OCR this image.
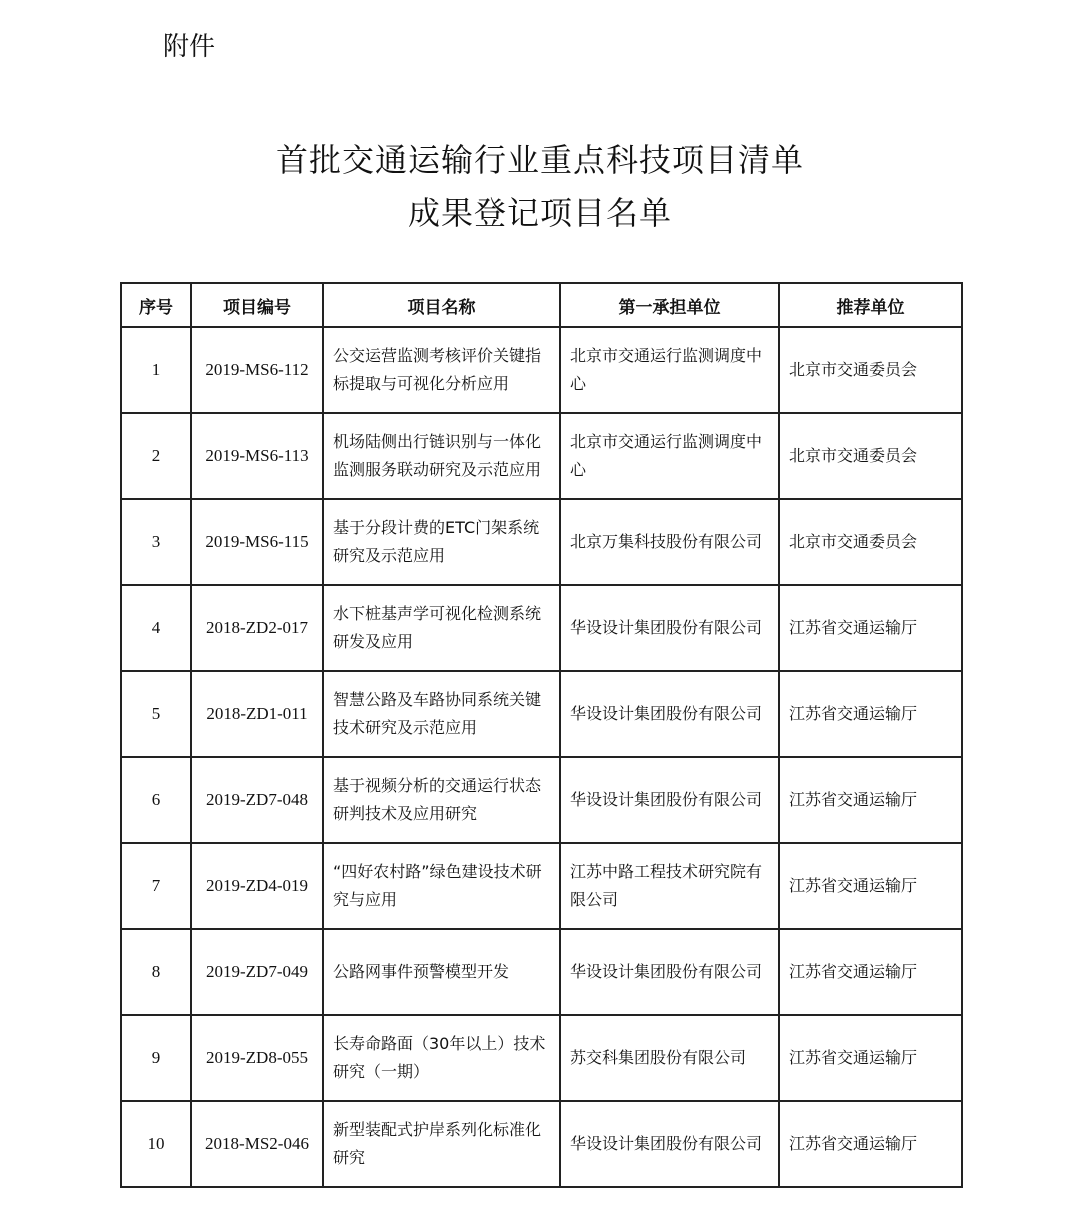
附件
首批交通运输行业重点科技项目清单
成果登记项目名单
序号	项目编号	项目名称	第一承担单位	推荐单位
1	2019-MS6-112	公交运营监测考核评价关键指标提取与可视化分析应用	北京市交通运行监测调度中心	北京市交通委员会
2	2019-MS6-113	机场陆侧出行链识别与一体化监测服务联动研究及示范应用	北京市交通运行监测调度中心	北京市交通委员会
3	2019-MS6-115	基于分段计费的ETC门架系统研究及示范应用	北京万集科技股份有限公司	北京市交通委员会
4	2018-ZD2-017	水下桩基声学可视化检测系统研发及应用	华设设计集团股份有限公司	江苏省交通运输厅
5	2018-ZD1-011	智慧公路及车路协同系统关键技术研究及示范应用	华设设计集团股份有限公司	江苏省交通运输厅
6	2019-ZD7-048	基于视频分析的交通运行状态研判技术及应用研究	华设设计集团股份有限公司	江苏省交通运输厅
7	2019-ZD4-019	“四好农村路”绿色建设技术研究与应用	江苏中路工程技术研究院有限公司	江苏省交通运输厅
8	2019-ZD7-049	公路网事件预警模型开发	华设设计集团股份有限公司	江苏省交通运输厅
9	2019-ZD8-055	长寿命路面（30年以上）技术研究（一期）	苏交科集团股份有限公司	江苏省交通运输厅
10	2018-MS2-046	新型装配式护岸系列化标准化研究	华设设计集团股份有限公司	江苏省交通运输厅
